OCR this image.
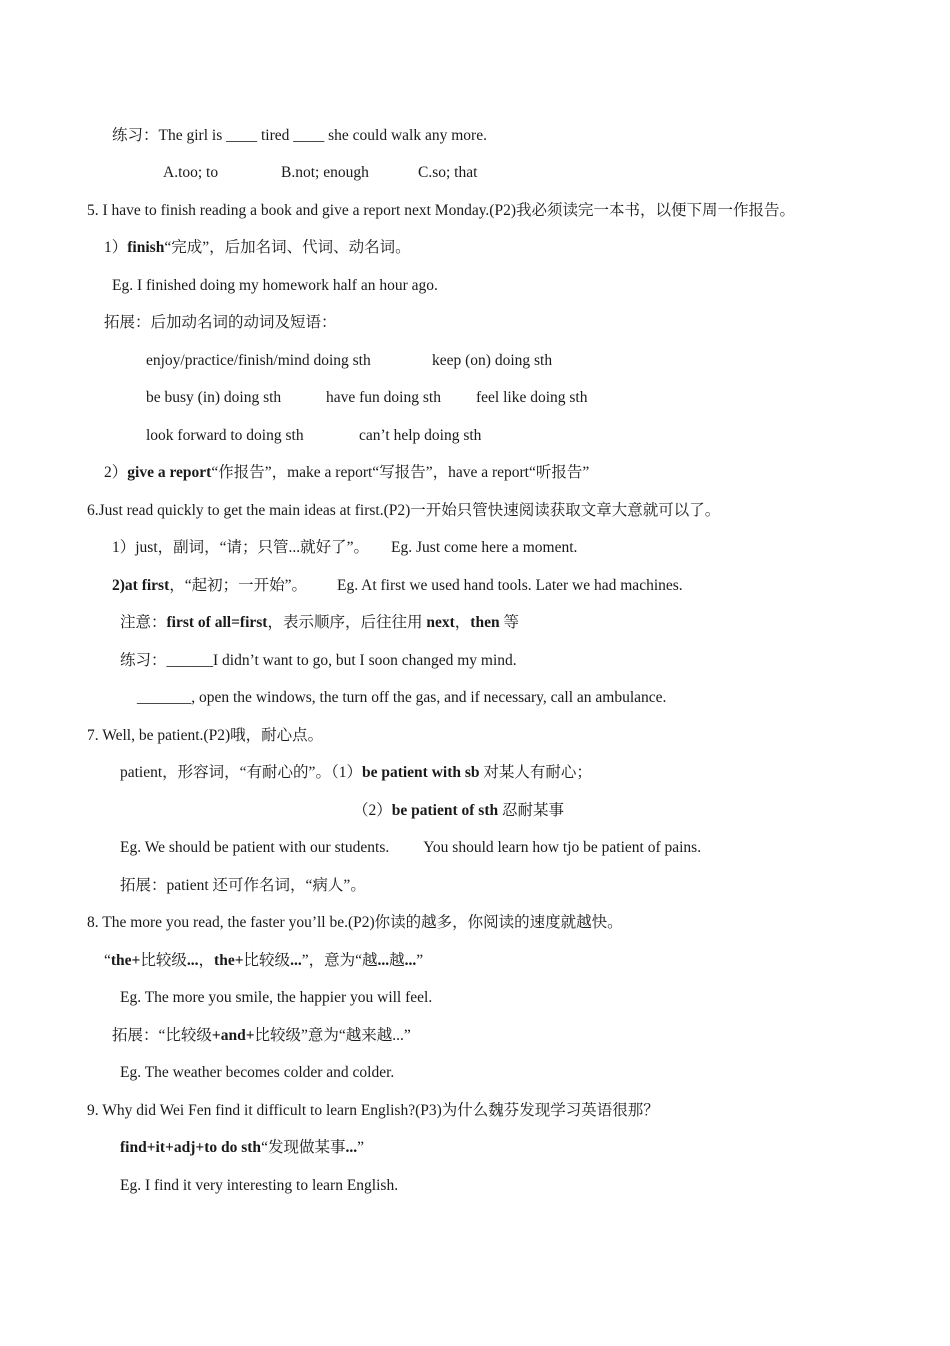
练习：The girl is ____ tired ____ she could walk any more.
A.too; to	B.not; enough	C.so; that
5. I have to finish reading a book and give a report next Monday.(P2)我必须读完一本书，以便下周一作报告。
1）finish“完成”，后加名词、代词、动名词。
Eg. I finished doing my homework half an hour ago.
拓展：后加动名词的动词及短语：
enjoy/practice/finish/mind doing sth	keep (on) doing sth
be busy (in) doing sth	have fun doing sth feel like doing sth
look forward to doing sth	can’t help doing sth
2）give a report“作报告”，make a report“写报告”，have a report“听报告”
6.Just read quickly to get the main ideas at first.(P2)一开始只管快速阅读获取文章大意就可以了。
1）just，副词，“请；只管...就好了”。 Eg. Just come here a moment.
2)at first，“起初；一开始”。 Eg. At first we used hand tools. Later we had machines.
注意：first of all=first，表示顺序，后往往用 next，then 等
练习：______I didn’t want to go, but I soon changed my mind.
_______, open the windows, the turn off the gas, and if necessary, call an ambulance.
7. Well, be patient.(P2)哦，耐心点。
patient，形容词，“有耐心的”。（1）be patient with sb 对某人有耐心；
（2）be patient of sth 忍耐某事
Eg. We should be patient with our students. You should learn how tjo be patient of pains.
拓展：patient 还可作名词，“病人”。
8. The more you read, the faster you’ll be.(P2)你读的越多，你阅读的速度就越快。
“the+比较级...，the+比较级...”，意为“越...越...”
Eg. The more you smile, the happier you will feel.
拓展：“比较级+and+比较级”意为“越来越...”
Eg. The weather becomes colder and colder.
9. Why did Wei Fen find it difficult to learn English?(P3)为什么魏芬发现学习英语很那？
find+it+adj+to do sth“发现做某事...”
Eg. I find it very interesting to learn English.
